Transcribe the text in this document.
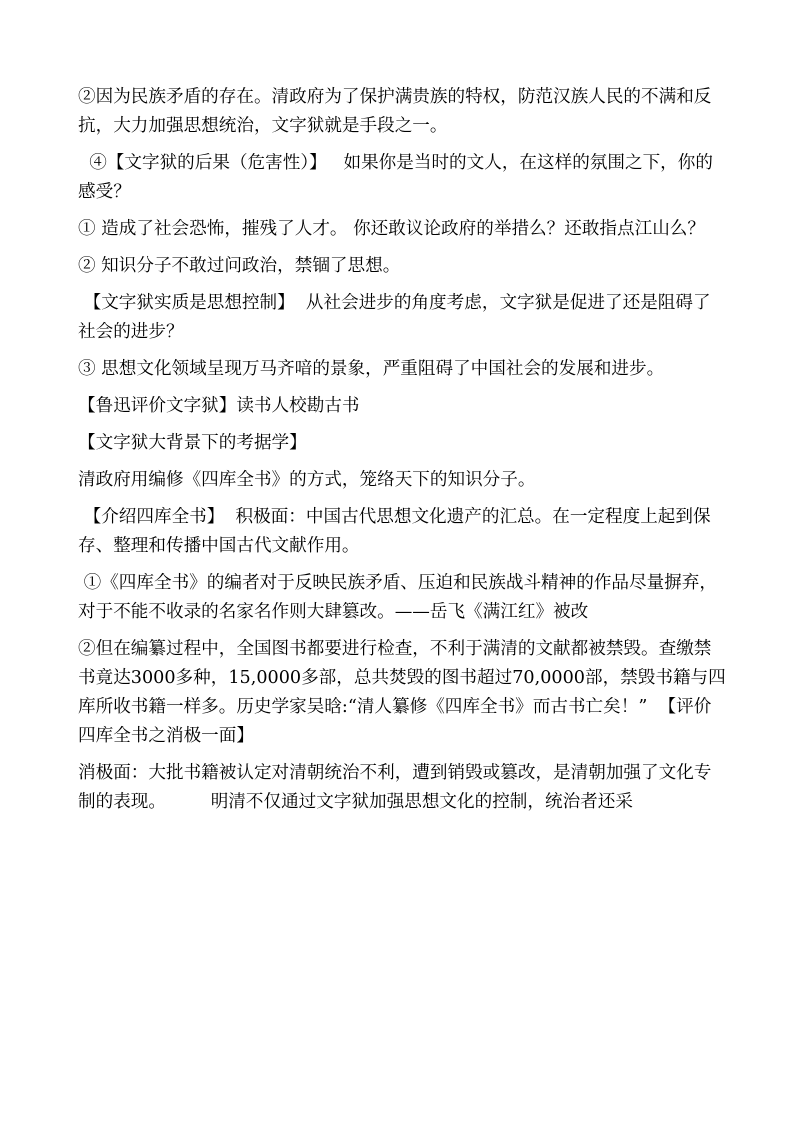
②因为民族矛盾的存在。清政府为了保护满贵族的特权，防范汉族人民的不满和反抗，大力加强思想统治，文字狱就是手段之一。

④【文字狱的后果（危害性）】   如果你是当时的文人，在这样的氛围之下，你的感受？

① 造成了社会恐怖，摧残了人才。 你还敢议论政府的举措么？还敢指点江山么？

② 知识分子不敢过问政治，禁锢了思想。

【文字狱实质是思想控制】  从社会进步的角度考虑，文字狱是促进了还是阻碍了社会的进步？

③ 思想文化领域呈现万马齐喑的景象，严重阻碍了中国社会的发展和进步。

【鲁迅评价文字狱】读书人校勘古书

【文字狱大背景下的考据学】

清政府用编修《四库全书》的方式，笼络天下的知识分子。

【介绍四库全书】  积极面：中国古代思想文化遗产的汇总。在一定程度上起到保存、整理和传播中国古代文献作用。

①《四库全书》的编者对于反映民族矛盾、压迫和民族战斗精神的作品尽量摒弃，对于不能不收录的名家名作则大肆篡改。——岳飞《满江红》被改

②但在编纂过程中，全国图书都要进行检查，不利于满清的文献都被禁毁。查缴禁书竟达3000多种，15,0000多部，总共焚毁的图书超过70,0000部，禁毁书籍与四库所收书籍一样多。历史学家吴晗:“清人纂修《四库全书》而古书亡矣！”  【评价四库全书之消极一面】

消极面：大批书籍被认定对清朝统治不利，遭到销毁或篡改，是清朝加强了文化专制的表现。        明清不仅通过文字狱加强思想文化的控制，统治者还采
